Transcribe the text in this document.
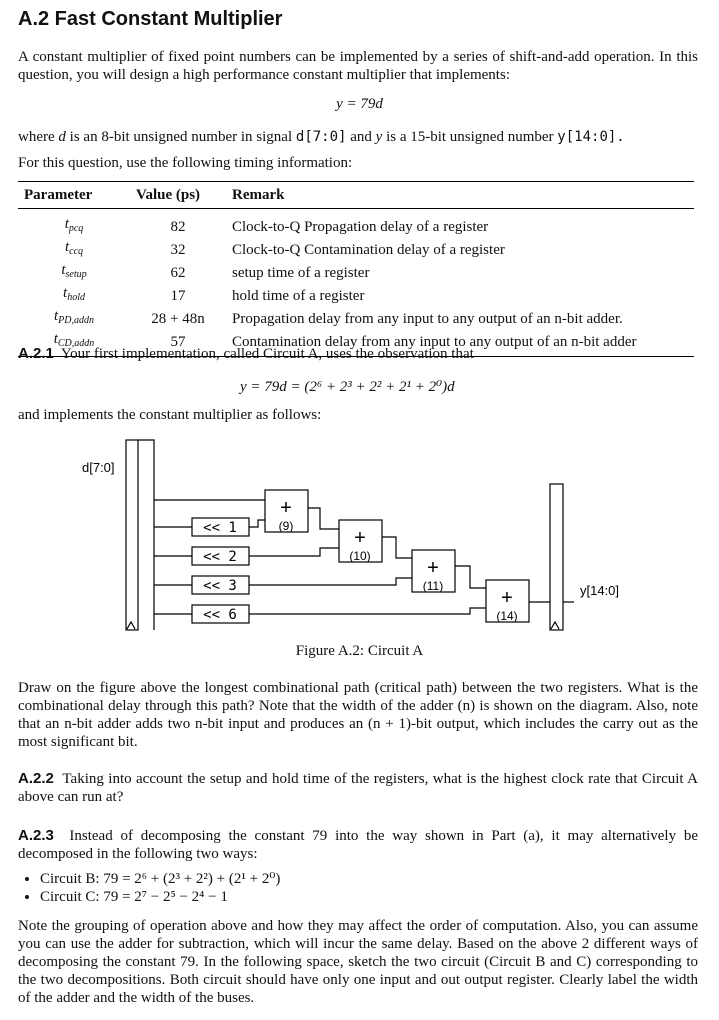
A.2 Fast Constant Multiplier
A constant multiplier of fixed point numbers can be implemented by a series of shift-and-add operation. In this question, you will design a high performance constant multiplier that implements:
y = 79d
where d is an 8-bit unsigned number in signal d[7:0] and y is a 15-bit unsigned number y[14:0].
For this question, use the following timing information:
Parameter	Value (ps)	Remark
$t_{pcq}$	82	Clock-to-Q Propagation delay of a register
$t_{ccq}$	32	Clock-to-Q Contamination delay of a register
$t_{setup}$	62	setup time of a register
$t_{hold}$	17	hold time of a register
$t_{PD,addn}$	28 + 48n	Propagation delay from any input to any output of an n-bit adder.
$t_{CD,addn}$	57	Contamination delay from any input to any output of an n-bit adder
A.2.1 Your first implementation, called Circuit A, uses the observation that
y = 79d = (2⁶ + 2³ + 2² + 2¹ + 2⁰)d
and implements the constant multiplier as follows:
<< 1
<< 2
<< 3
<< 6
+
(9)
+
(10)
+
(11)
+
(14)
d[7:0]
y[14:0]
Figure A.2: Circuit A
Draw on the figure above the longest combinational path (critical path) between the two registers. What is the combinational delay through this path? Note that the width of the adder (n) is shown on the diagram. Also, note that an n-bit adder adds two n-bit input and produces an (n + 1)-bit output, which includes the carry out as the most significant bit.
A.2.2 Taking into account the setup and hold time of the registers, what is the highest clock rate that Circuit A above can run at?
A.2.3 Instead of decomposing the constant 79 into the way shown in Part (a), it may alternatively be decomposed in the following two ways:
• Circuit B: 79 = 2⁶ + (2³ + 2²) + (2¹ + 2⁰)
• Circuit C: 79 = 2⁷ − 2⁵ − 2⁴ − 1
Note the grouping of operation above and how they may affect the order of computation. Also, you can assume you can use the adder for subtraction, which will incur the same delay. Based on the above 2 different ways of decomposing the constant 79. In the following space, sketch the two circuit (Circuit B and C) corresponding to the two decompositions. Both circuit should have only one input and out output register. Clearly label the width of the adder and the width of the buses.
